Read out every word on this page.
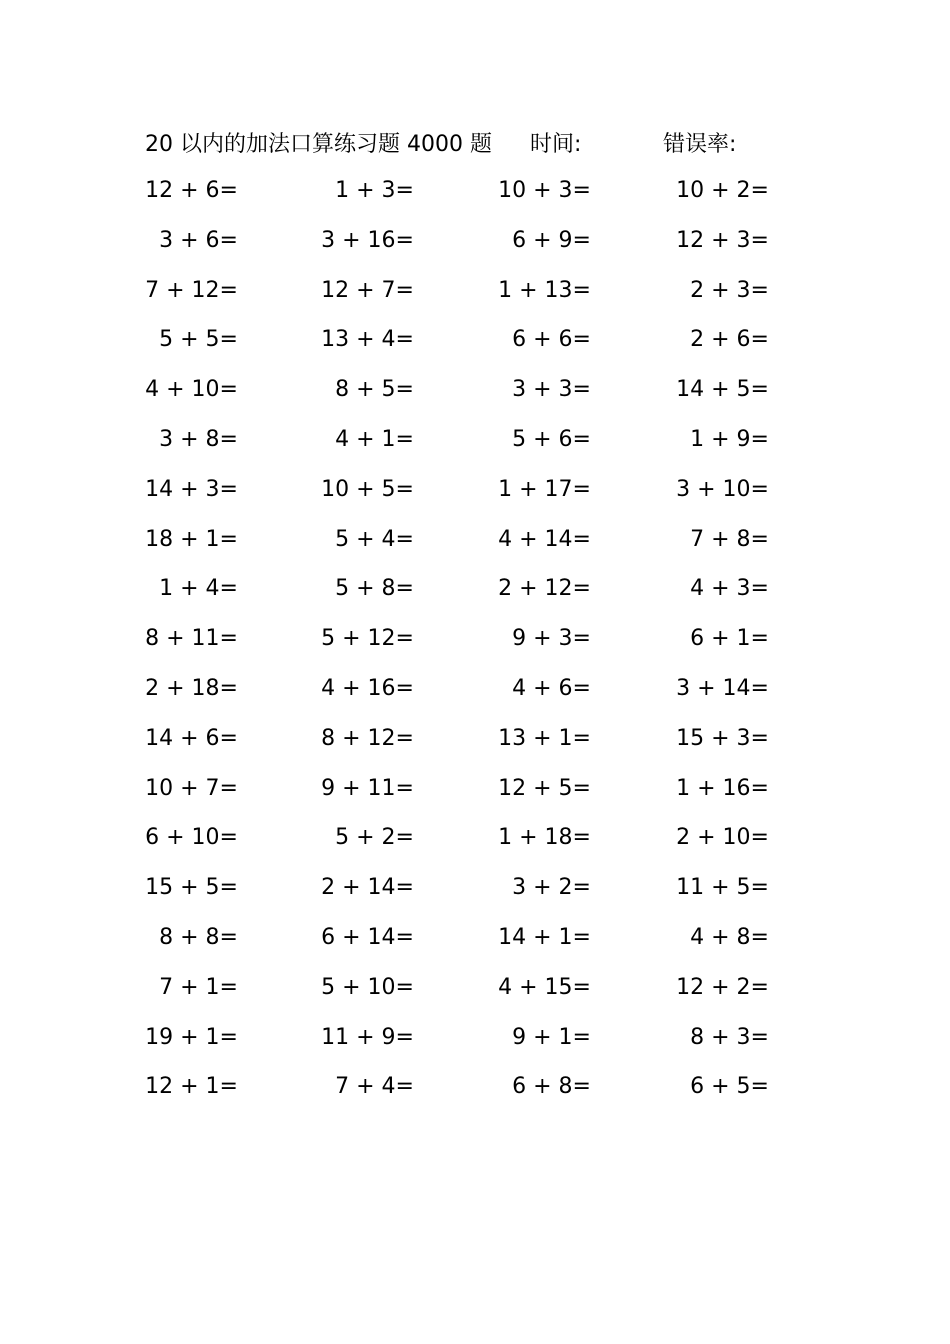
20 以内的加法口算练习题 4000 题	时间:	错误率:
12 + 6=	1 + 3=	10 + 3=	10 + 2=
3 + 6=	3 + 16=	6 + 9=	12 + 3=
7 + 12=	12 + 7=	1 + 13=	2 + 3=
5 + 5=	13 + 4=	6 + 6=	2 + 6=
4 + 10=	8 + 5=	3 + 3=	14 + 5=
3 + 8=	4 + 1=	5 + 6=	1 + 9=
14 + 3=	10 + 5=	1 + 17=	3 + 10=
18 + 1=	5 + 4=	4 + 14=	7 + 8=
1 + 4=	5 + 8=	2 + 12=	4 + 3=
8 + 11=	5 + 12=	9 + 3=	6 + 1=
2 + 18=	4 + 16=	4 + 6=	3 + 14=
14 + 6=	8 + 12=	13 + 1=	15 + 3=
10 + 7=	9 + 11=	12 + 5=	1 + 16=
6 + 10=	5 + 2=	1 + 18=	2 + 10=
15 + 5=	2 + 14=	3 + 2=	11 + 5=
8 + 8=	6 + 14=	14 + 1=	4 + 8=
7 + 1=	5 + 10=	4 + 15=	12 + 2=
19 + 1=	11 + 9=	9 + 1=	8 + 3=
12 + 1=	7 + 4=	6 + 8=	6 + 5=
